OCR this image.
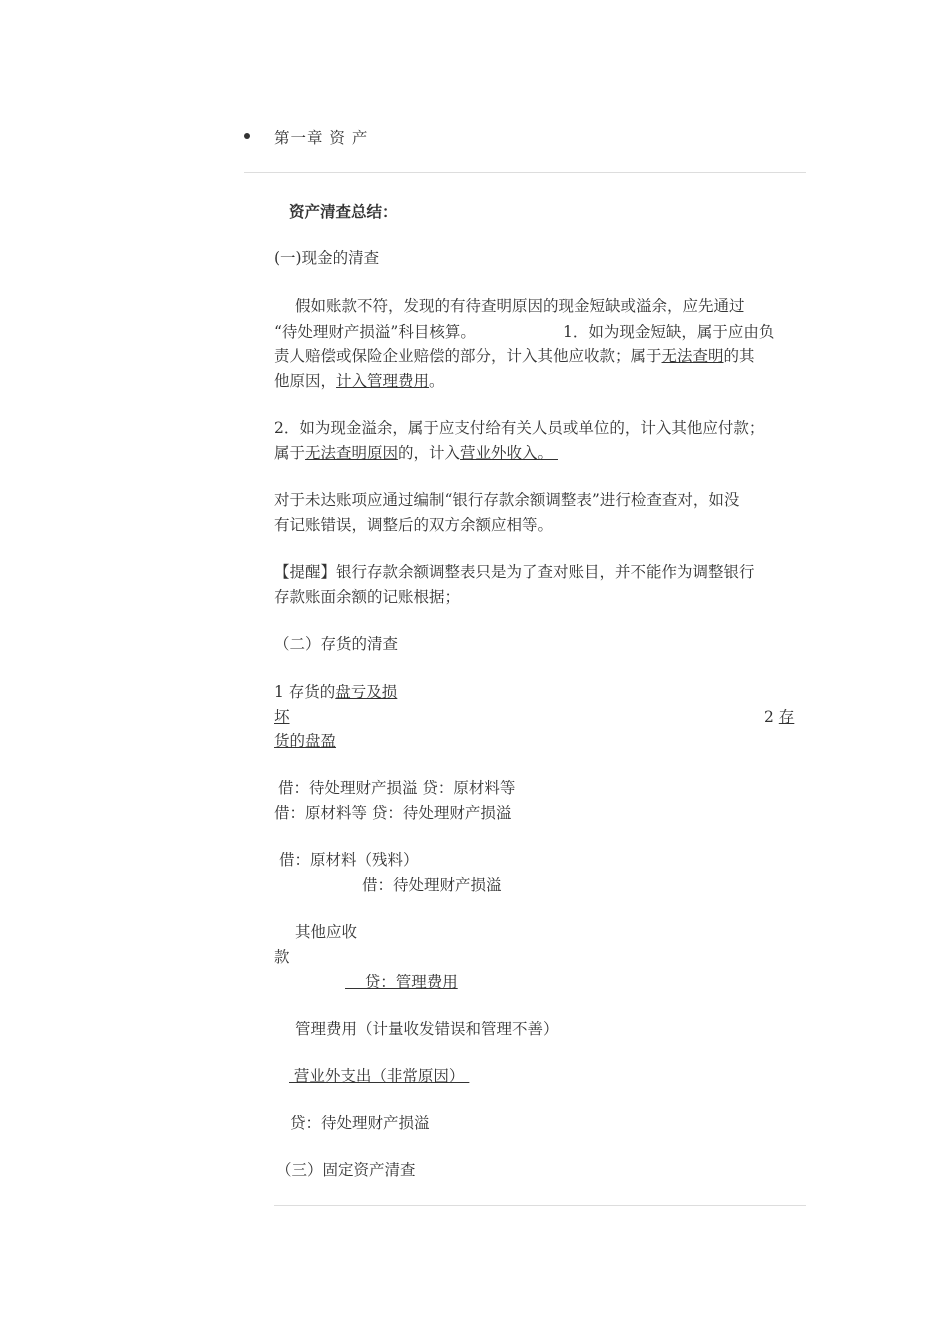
第一章 资 产
资产清查总结：
(一)现金的清查
假如账款不符，发现的有待查明原因的现金短缺或溢余，应先通过
“待处理财产损溢”科目核算。	1．如为现金短缺，属于应由负
责人赔偿或保险企业赔偿的部分，计入其他应收款；属于无法查明的其
他原因，计入管理费用。
2．如为现金溢余，属于应支付给有关人员或单位的，计入其他应付款；
属于无法查明原因的，计入营业外收入。
对于未达账项应通过编制“银行存款余额调整表”进行检查查对，如没
有记账错误，调整后的双方余额应相等。
【提醒】银行存款余额调整表只是为了查对账目，并不能作为调整银行
存款账面余额的记账根据；
（二）存货的清查
1 存货的盘亏及损
坏	2 存
货的盘盈
借：待处理财产损溢 贷：原材料等
借：原材料等 贷：待处理财产损溢
借：原材料（残料）
借：待处理财产损溢
其他应收
款
贷：管理费用
管理费用（计量收发错误和管理不善）
营业外支出（非常原因）
贷：待处理财产损溢
（三）固定资产清查
